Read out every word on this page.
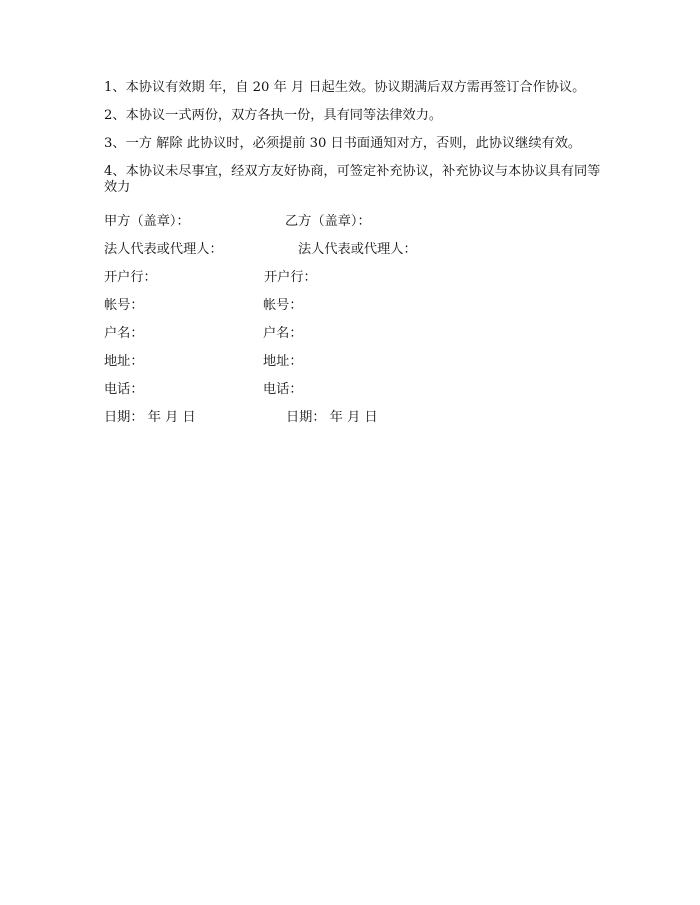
1、本协议有效期 年，自 20 年 月 日起生效。协议期满后双方需再签订合作协议。

2、本协议一式两份，双方各执一份，具有同等法律效力。

3、一方 解除 此协议时，必须提前 30 日书面通知对方，否则，此协议继续有效。

4、本协议未尽事宜，经双方友好协商，可签定补充协议，补充协议与本协议具有同等效力

甲方（盖章）：	乙方（盖章）：
法人代表或代理人：	法人代表或代理人：
开户行：	开户行：
帐号：	帐号：
户名：	户名：
地址：	地址：
电话：	电话：
日期： 年 月 日	日期： 年 月 日
